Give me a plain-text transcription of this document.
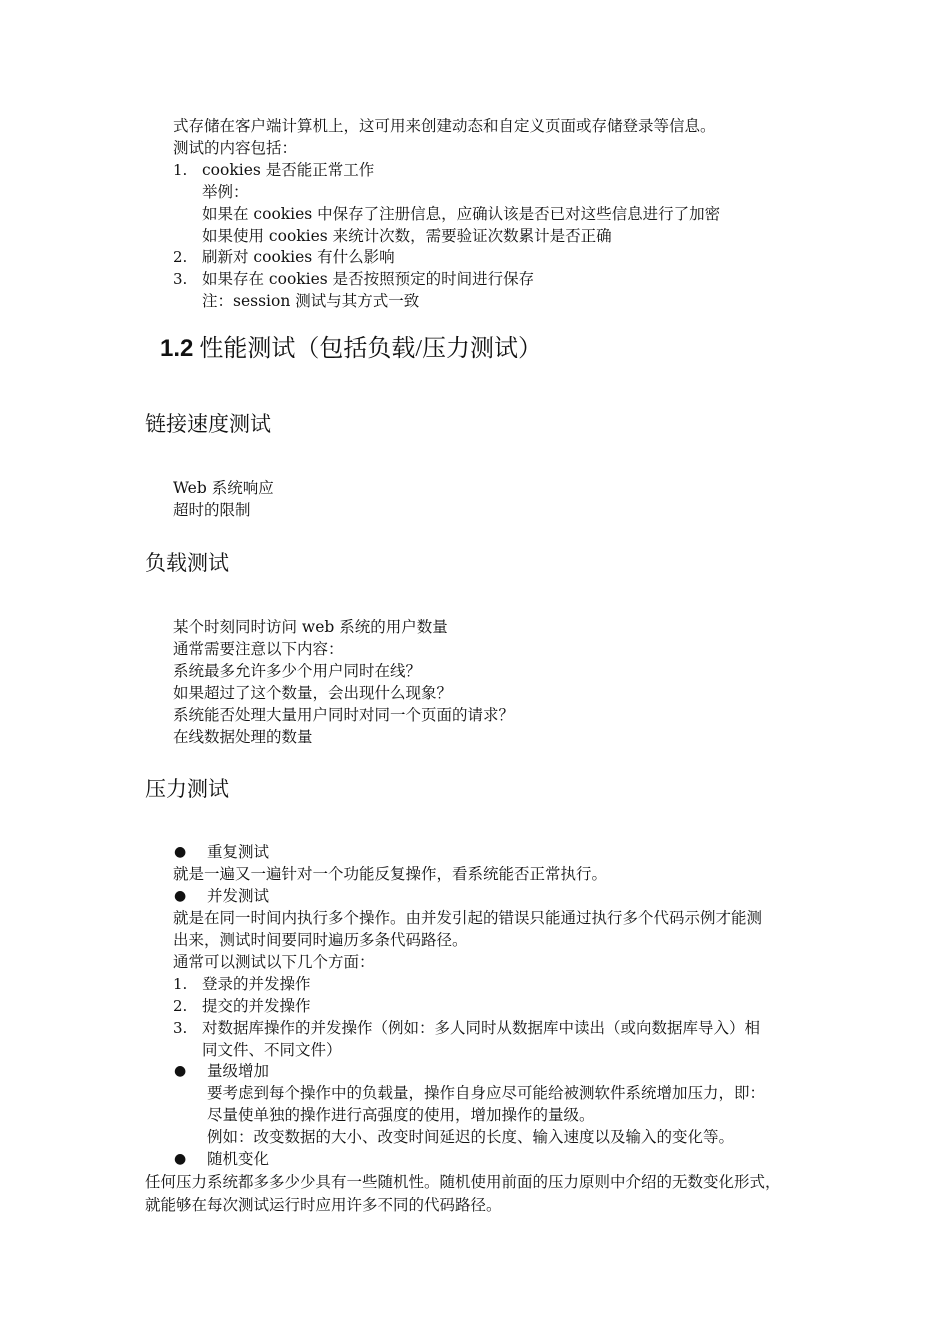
式存储在客户端计算机上，这可用来创建动态和自定义页面或存储登录等信息。
测试的内容包括：
1. cookies 是否能正常工作
举例：
如果在 cookies 中保存了注册信息，应确认该是否已对这些信息进行了加密
如果使用 cookies 来统计次数，需要验证次数累计是否正确
2. 刷新对 cookies 有什么影响
3. 如果存在 cookies 是否按照预定的时间进行保存
注：session 测试与其方式一致
1.2 性能测试（包括负载/压力测试）
链接速度测试
Web 系统响应
超时的限制
负载测试
某个时刻同时访问 web 系统的用户数量
通常需要注意以下内容：
系统最多允许多少个用户同时在线？
如果超过了这个数量，会出现什么现象？
系统能否处理大量用户同时对同一个页面的请求？
在线数据处理的数量
压力测试
● 重复测试
就是一遍又一遍针对一个功能反复操作，看系统能否正常执行。
● 并发测试
就是在同一时间内执行多个操作。由并发引起的错误只能通过执行多个代码示例才能测
出来，测试时间要同时遍历多条代码路径。
通常可以测试以下几个方面：
1. 登录的并发操作
2. 提交的并发操作
3. 对数据库操作的并发操作（例如：多人同时从数据库中读出（或向数据库导入）相
同文件、不同文件）
● 量级增加
要考虑到每个操作中的负载量，操作自身应尽可能给被测软件系统增加压力，即：
尽量使单独的操作进行高强度的使用，增加操作的量级。
例如：改变数据的大小、改变时间延迟的长度、输入速度以及输入的变化等。
● 随机变化
任何压力系统都多多少少具有一些随机性。随机使用前面的压力原则中介绍的无数变化形式，
就能够在每次测试运行时应用许多不同的代码路径。
